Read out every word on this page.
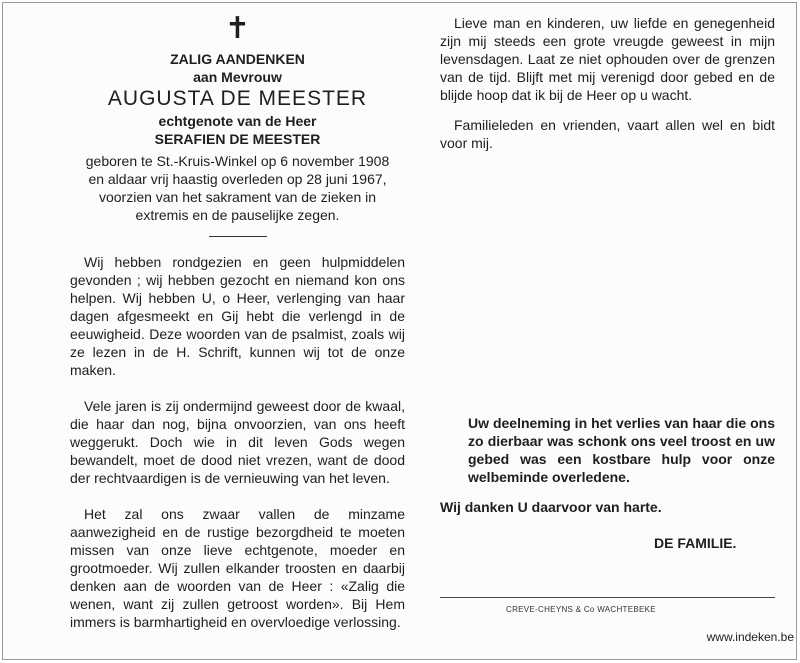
✝
ZALIG AANDENKEN
aan Mevrouw
AUGUSTA DE MEESTER
echtgenote van de Heer
SERAFIEN DE MEESTER
geboren te St.-Kruis-Winkel op 6 november 1908
en aldaar vrij haastig overleden op 28 juni 1967,
voorzien van het sakrament van de zieken in
extremis en de pauselijke zegen.
Wij hebben rondgezien en geen hulpmiddelen gevonden ; wij hebben gezocht en niemand kon ons helpen. Wij hebben U, o Heer, verlenging van haar dagen afgesmeekt en Gij hebt die verlengd in de eeuwigheid. Deze woorden van de psalmist, zoals wij ze lezen in de H. Schrift, kunnen wij tot de onze maken.
Vele jaren is zij ondermijnd geweest door de kwaal, die haar dan nog, bijna onvoorzien, van ons heeft weggerukt. Doch wie in dit leven Gods wegen bewandelt, moet de dood niet vrezen, want de dood der rechtvaardigen is de vernieuwing van het leven.
Het zal ons zwaar vallen de minzame aanwezigheid en de rustige bezorgdheid te moeten missen van onze lieve echtgenote, moeder en grootmoeder. Wij zullen elkander troosten en daarbij denken aan de woorden van de Heer : «Zalig die wenen, want zij zullen getroost worden». Bij Hem immers is barmhartigheid en overvloedige verlossing.
Lieve man en kinderen, uw liefde en genegenheid zijn mij steeds een grote vreugde geweest in mijn levensdagen. Laat ze niet ophouden over de grenzen van de tijd. Blijft met mij verenigd door gebed en de blijde hoop dat ik bij de Heer op u wacht.
Familieleden en vrienden, vaart allen wel en bidt voor mij.
Uw deelneming in het verlies van haar die ons zo dierbaar was schonk ons veel troost en uw gebed was een kostbare hulp voor onze welbeminde overledene.
Wij danken U daarvoor van harte.
DE FAMILIE.
CREVE-CHEYNS & Co WACHTEBEKE
www.indeken.be
